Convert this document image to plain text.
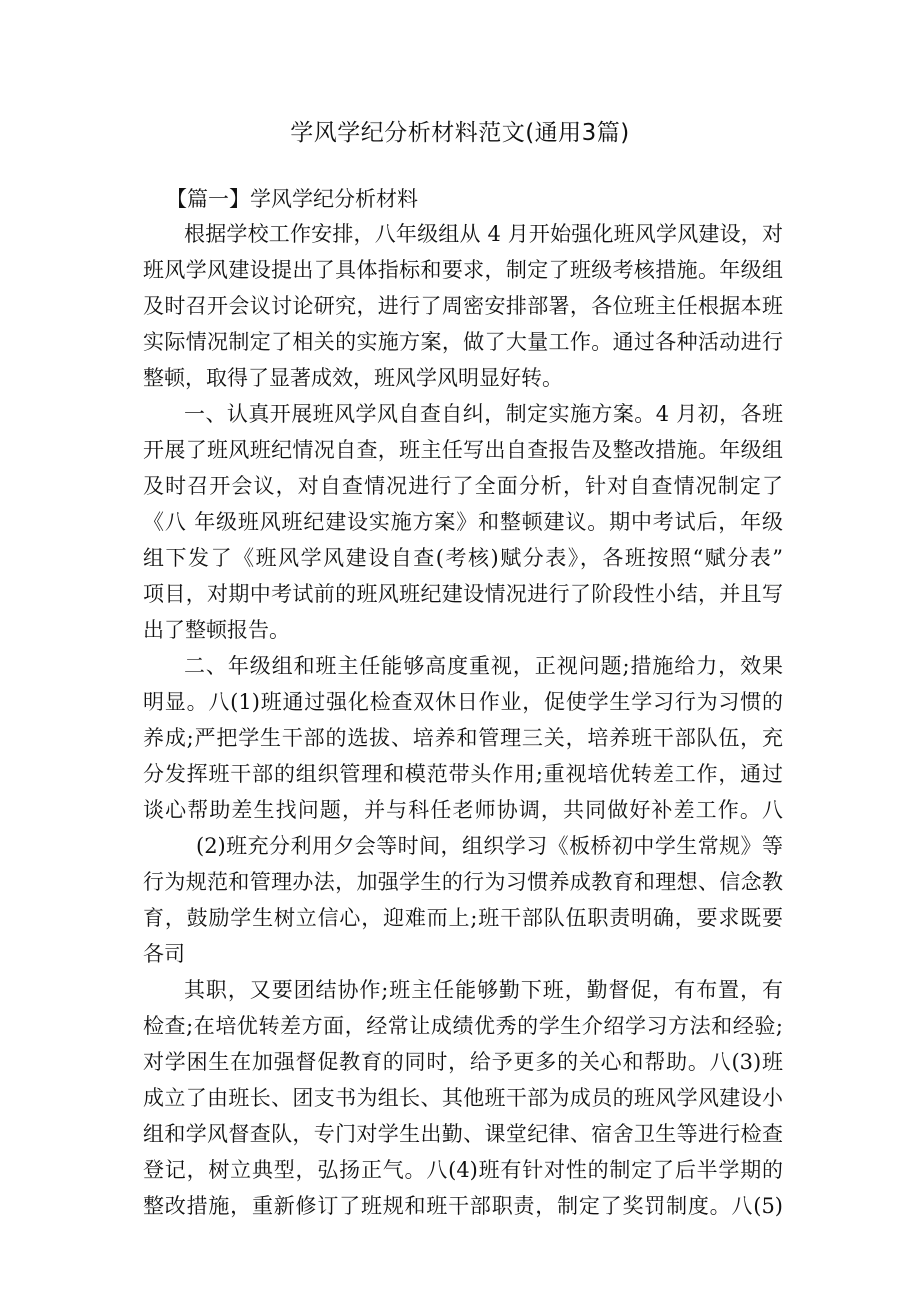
学风学纪分析材料范文(通用3篇)
【篇一】学风学纪分析材料
根据学校工作安排，八年级组从 4 月开始强化班风学风建设，对
班风学风建设提出了具体指标和要求，制定了班级考核措施。年级组
及时召开会议讨论研究，进行了周密安排部署，各位班主任根据本班
实际情况制定了相关的实施方案，做了大量工作。通过各种活动进行
整顿，取得了显著成效，班风学风明显好转。
一、认真开展班风学风自查自纠，制定实施方案。4 月初，各班
开展了班风班纪情况自查，班主任写出自查报告及整改措施。年级组
及时召开会议，对自查情况进行了全面分析，针对自查情况制定了
《八 年级班风班纪建设实施方案》和整顿建议。期中考试后，年级
组下发了《班风学风建设自查(考核)赋分表》，各班按照“赋分表”
项目，对期中考试前的班风班纪建设情况进行了阶段性小结，并且写
出了整顿报告。
二、年级组和班主任能够高度重视，正视问题;措施给力，效果
明显。八(1)班通过强化检查双休日作业，促使学生学习行为习惯的
养成;严把学生干部的选拔、培养和管理三关，培养班干部队伍，充
分发挥班干部的组织管理和模范带头作用;重视培优转差工作，通过
谈心帮助差生找问题，并与科任老师协调，共同做好补差工作。八
(2)班充分利用夕会等时间，组织学习《板桥初中学生常规》等
行为规范和管理办法，加强学生的行为习惯养成教育和理想、信念教
育，鼓励学生树立信心，迎难而上;班干部队伍职责明确，要求既要
各司
其职，又要团结协作;班主任能够勤下班，勤督促，有布置，有
检查;在培优转差方面，经常让成绩优秀的学生介绍学习方法和经验;
对学困生在加强督促教育的同时，给予更多的关心和帮助。八(3)班
成立了由班长、团支书为组长、其他班干部为成员的班风学风建设小
组和学风督查队，专门对学生出勤、课堂纪律、宿舍卫生等进行检查
登记，树立典型，弘扬正气。八(4)班有针对性的制定了后半学期的
整改措施，重新修订了班规和班干部职责，制定了奖罚制度。八(5)
